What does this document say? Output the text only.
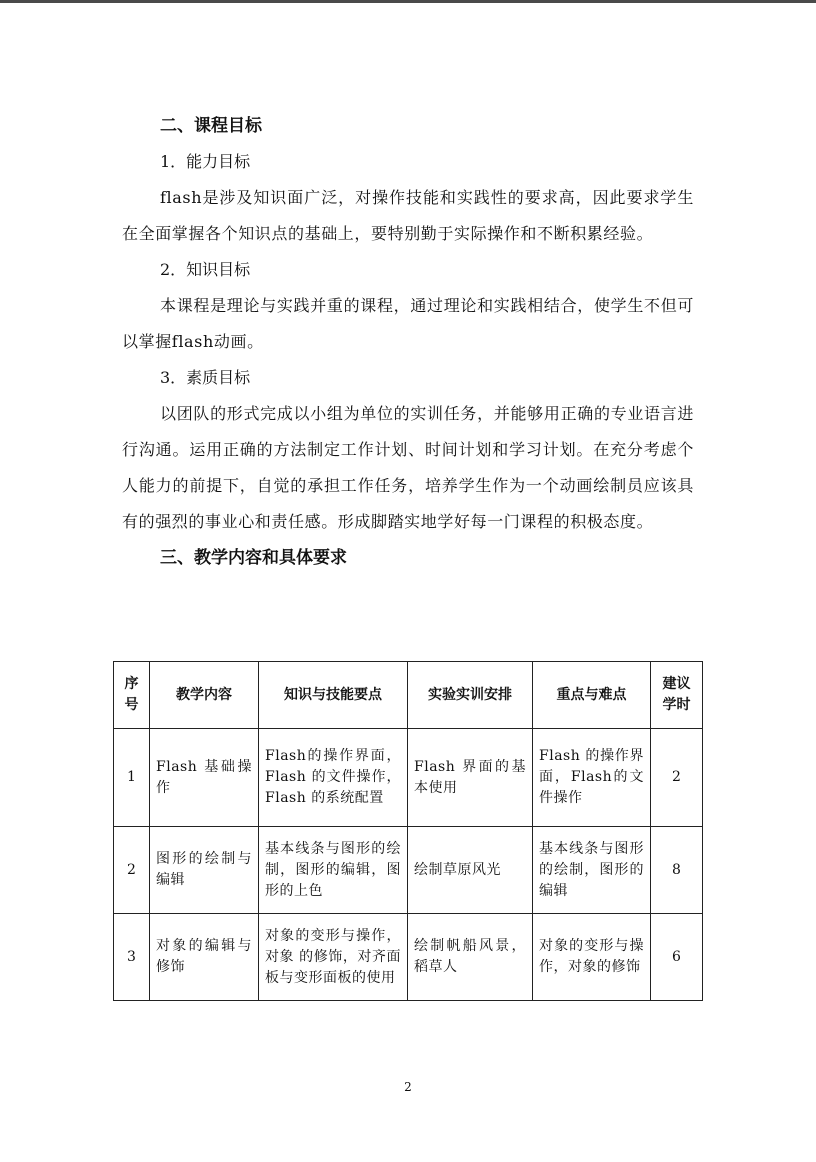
二、课程目标
1．能力目标

flash是涉及知识面广泛，对操作技能和实践性的要求高，因此要求学生在全面掌握各个知识点的基础上，要特别勤于实际操作和不断积累经验。

2．知识目标

本课程是理论与实践并重的课程，通过理论和实践相结合，使学生不但可以掌握flash动画。

3．素质目标

以团队的形式完成以小组为单位的实训任务，并能够用正确的专业语言进行沟通。运用正确的方法制定工作计划、时间计划和学习计划。在充分考虑个人能力的前提下，自觉的承担工作任务，培养学生作为一个动画绘制员应该具有的强烈的事业心和责任感。形成脚踏实地学好每一门课程的积极态度。

三、教学内容和具体要求
序号	教学内容	知识与技能要点	实验实训安排	重点与难点	建议学时
1	Flash 基础操作	Flash的操作界面，Flash 的文件操作，Flash 的系统配置	Flash 界面的基本使用	Flash 的操作界面，Flash的文件操作	2
2	图形的绘制与编辑	基本线条与图形的绘制，图形的编辑，图形的上色	绘制草原风光	基本线条与图形的绘制，图形的编辑	8
3	对象的编辑与修饰	对象的变形与操作，对象 的修饰，对齐面板与变形面板的使用	绘制帆船风景，稻草人	对象的变形与操作，对象的修饰	6
2
